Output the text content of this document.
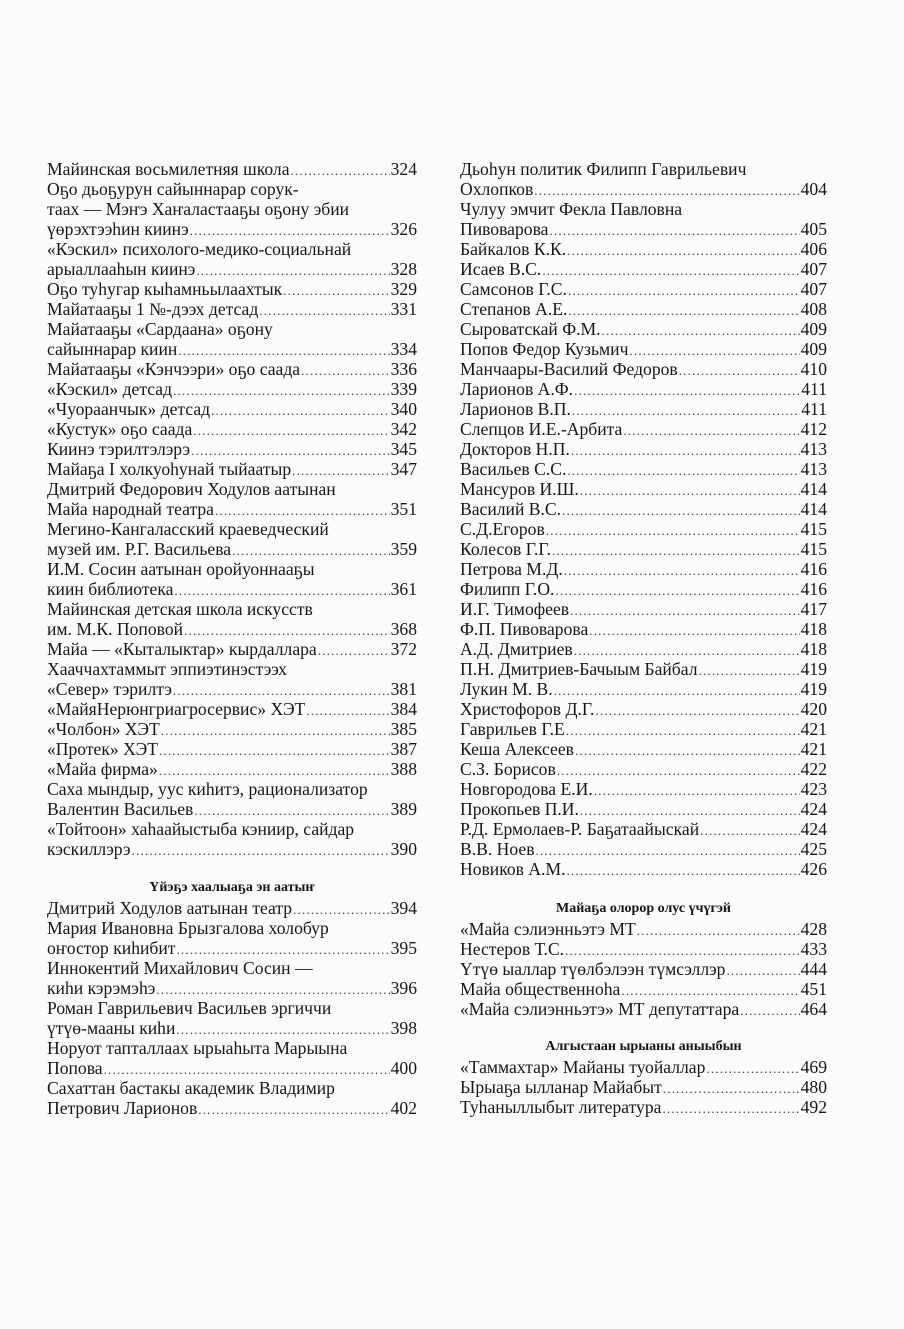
Майинская восьмилетняя школа .....	324
Оҕо дьоҕурун сайыннарар сорук-
таах — Мэҥэ Хаҥаластааҕы оҕону эбии
үөрэхтээһин киинэ .....	326
«Кэскил» психолого-медико-социальнай
арыаллааһын киинэ .....	328
Оҕо туһугар кыһамньылаахтык .....	329
Майатааҕы 1 №-дээх детсад .....	331
Майатааҕы «Сардаана» оҕону
сайыннарар киин .....	334
Майатааҕы «Кэнчээри» оҕо саада .....	336
«Кэскил» детсад .....	339
«Чуораанчык» детсад .....	340
«Кустук» оҕо саада .....	342
Киинэ тэрилтэлэрэ .....	345
Майаҕа I холкуоһунай тыйаатыр .....	347
Дмитрий Федорович Ходулов аатынан
Майа народнай театра .....	351
Мегино-Кангаласский краеведческий
музей им. Р.Г. Васильева .....	359
И.М. Сосин аатынан оройуоннааҕы
киин библиотека .....	361
Майинская детская школа искусств
им. М.К. Поповой .....	368
Майа — «Кыталыктар» кырдаллара .....	372
Хааччахтаммыт эппиэтинэстээх
«Север» тэрилтэ .....	381
«МайяНерюнгриагросервис» ХЭТ .....	384
«Чолбон» ХЭТ .....	385
«Протек» ХЭТ .....	387
«Майа фирма» .....	388
Саха мындыр, уус киһитэ, рационализатор
Валентин Васильев .....	389
«Тойтоон» хаһаайыстыба кэнииp, сайдар
кэскиллэрэ .....	390
Үйэҕэ хаалыаҕа эн аатыҥ
Дмитрий Ходулов аатынан театр .....	394
Мария Ивановна Брызгалова холобур
оҥостор киһибит .....	395
Иннокентий Михайлович Сосин —
киһи кэрэмэһэ .....	396
Роман Гаврильевич Васильев эргиччи
үтүө-мааны киһи .....	398
Норуот тапталлаах ырыаһыта Марыына
Попова .....	400
Сахаттан бастакы академик Владимир
Петрович Ларионов .....	402
Дьоһун политик Филипп Гаврильевич
Охлопков .....	404
Чулуу эмчит Фекла Павловна
Пивоварова .....	405
Байкалов К.К. .....	406
Исаев В.С. .....	407
Самсонов Г.С. .....	407
Степанов А.Е. .....	408
Сыроватскай Ф.М. .....	409
Попов Федор Кузьмич .....	409
Манчаары-Василий Федоров .....	410
Ларионов А.Ф. .....	411
Ларионов В.П. .....	411
Слепцов И.Е.-Арбита .....	412
Докторов Н.П. .....	413
Васильев С.С. .....	413
Мансуров И.Ш. .....	414
Василий В.С. .....	414
С.Д.Егоров .....	415
Колесов Г.Г. .....	415
Петрова М.Д. .....	416
Филипп Г.О. .....	416
И.Г. Тимофеев .....	417
Ф.П. Пивоварова .....	418
А.Д. Дмитриев .....	418
П.Н. Дмитриев-Бачыым Байбал .....	419
Лукин М. В. .....	419
Христофоров Д.Г. .....	420
Гаврильев Г.Е .....	421
Кеша Алексеев .....	421
С.З. Борисов .....	422
Новгородова Е.И. .....	423
Прокопьев П.И. .....	424
Р.Д. Ермолаев-Р. Баҕатаайыскай .....	424
В.В. Ноев .....	425
Новиков А.М. .....	426
Майаҕа олорор олус үчүгэй
«Майа сэлиэнньэтэ МТ .....	428
Нестеров Т.С. .....	433
Үтүө ыаллар түөлбэлээн түмсэллэр .....	444
Майа общественноһа .....	451
«Майа сэлиэнньэтэ» МТ депутаттара .....	464
Алгыстаан ырыаны аныыбын
«Таммахтар» Майаны туойаллар .....	469
Ырыаҕа ылланар Майабыт .....	480
Туһаныллыбыт литература .....	492
